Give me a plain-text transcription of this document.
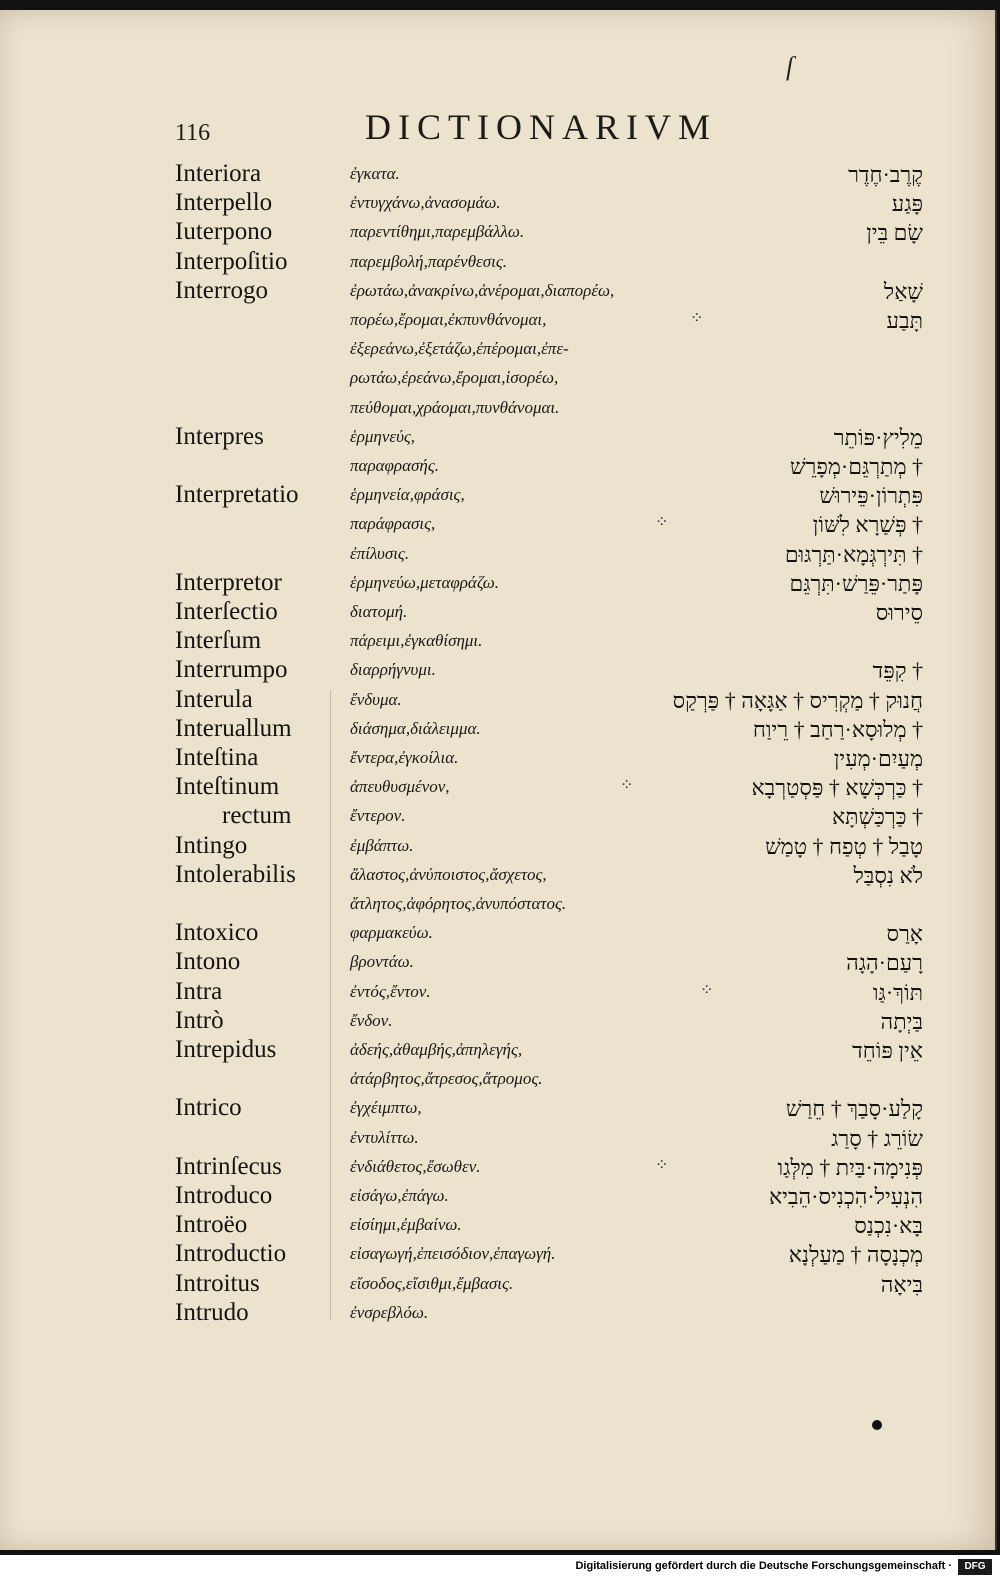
ſ
116	DICTIONARIVM
Interiora	ἐγκατα.	קֶרֶב·חֶדֶר
Interpello	ἐντυγχάνω,ἀνασομάω.	פָּגַע
Iuterpono	παρεντίθημι,παρεμβάλλω.	שָׂם בֵּין
Interpoſitio	παρεμβολή,παρένθεσις.
Interrogo	ἐρωτάω,ἀνακρίνω,ἀνέρομαι,διαπορέω,	שָׁאַל
πορέω,ἔρομαι,ἐκπυνθάνομαι,	⁘	תָּבַע
ἐξερεάνω,ἐξετάζω,ἐπέρομαι,ἐπε-
ρωτάω,ἐρεάνω,ἔρομαι,ἱσορέω,
πεύθομαι,χράομαι,πυνθάνομαι.
Interpres	ἑρμηνεύς,	מֵלִיץ·פּוֹתֵר
παραφρασής.	† מְתַרְגֵּם·מְפָרֵשׁ
Interpretatio	ἑρμηνεία,φράσις,	פִּתְרוֹן·פֵּירוּשׁ
παράφρασις,	⁘	† פְּשַׁרָא לִשּׁוֹן
ἐπίλυσις.	† תִּירְגְּמָא·תַּרְגּוּם
Interpretor	ἑρμηνεύω,μεταφράζω.	פָּתַר·פֵּרַשׁ·תִּרְגֵּם
Interſectio	διατομή.	סֵירוּס
Interſum	πάρειμι,ἐγκαθίσημι.
Interrumpo	διαρρήγνυμι.	† קִפֵּד
Interula	ἔνδυμα.	חֲנוּק † מַקְרִיס † אַגָּאָה † פַּרְקַס
Interuallum	διάσημα,διάλειμμα.	† מְלוּסָא·רַחַב † רֵיוַח
Inteſtina	ἔντερα,ἐγκοίλια.	מְעַיִם·מְעִין
Inteſtinum	ἀπευθυσμένον,	⁘	† כַּרְכְּשָׁא † פַּסְטַרְבָא
rectum	ἔντερον.	† כַּרְכַּשְׁתָּא
Intingo	ἐμβάπτω.	טָבַל † טְפַח † טָמַשׁ
Intolerabilis	ἄλαστος,ἀνύποιστος,ἄσχετος,	לֹא נִסְבַּל
ἄτλητος,ἀφόρητος,ἀνυπόστατος.
Intoxico	φαρμακεύω.	אָרַס
Intono	βροντάω.	רָעַם·הָגָה
Intra	ἐντός,ἔντον.	⁘	תּוֹךְ·גַּו
Intrò	ἔνδον.	בַּיְתָה
Intrepidus	ἀδεής,ἀθαμβής,ἀπηλεγής,	אֵין פּוֹחֵד
ἀτάρβητος,ἄτρεσος,ἄτρομος.
Intrico	ἐγχέιμπτω,	קָלַע·סָבַךְ † חֵרַשׁ
ἐντυλίττω.	שׂוֹרֵג † סָרַג
Intrinſecus	ἐνδιάθετος,ἔσωθεν.	⁘	פְּנִימָה·בַּיִת † מִלְּגַו
Introduco	εἰσάγω,ἐπάγω.	הִנְעִיל·הִכְנִיס·הֵבִיא
Introëo	εἰσίημι,ἐμβαίνω.	בָּא·נִכְנַס
Introductio	εἰσαγωγή,ἐπεισόδιον,ἐπαγωγή.	מְכְנָסָה † מַעַלְנָא
Introitus	εἴσοδος,εἴσιθμι,ἔμβασις.	בִּיאָה
Intrudo	ἐνσρεβλόω.
Digitalisierung gefördert durch die Deutsche Forschungsgemeinschaft ·	DFG
